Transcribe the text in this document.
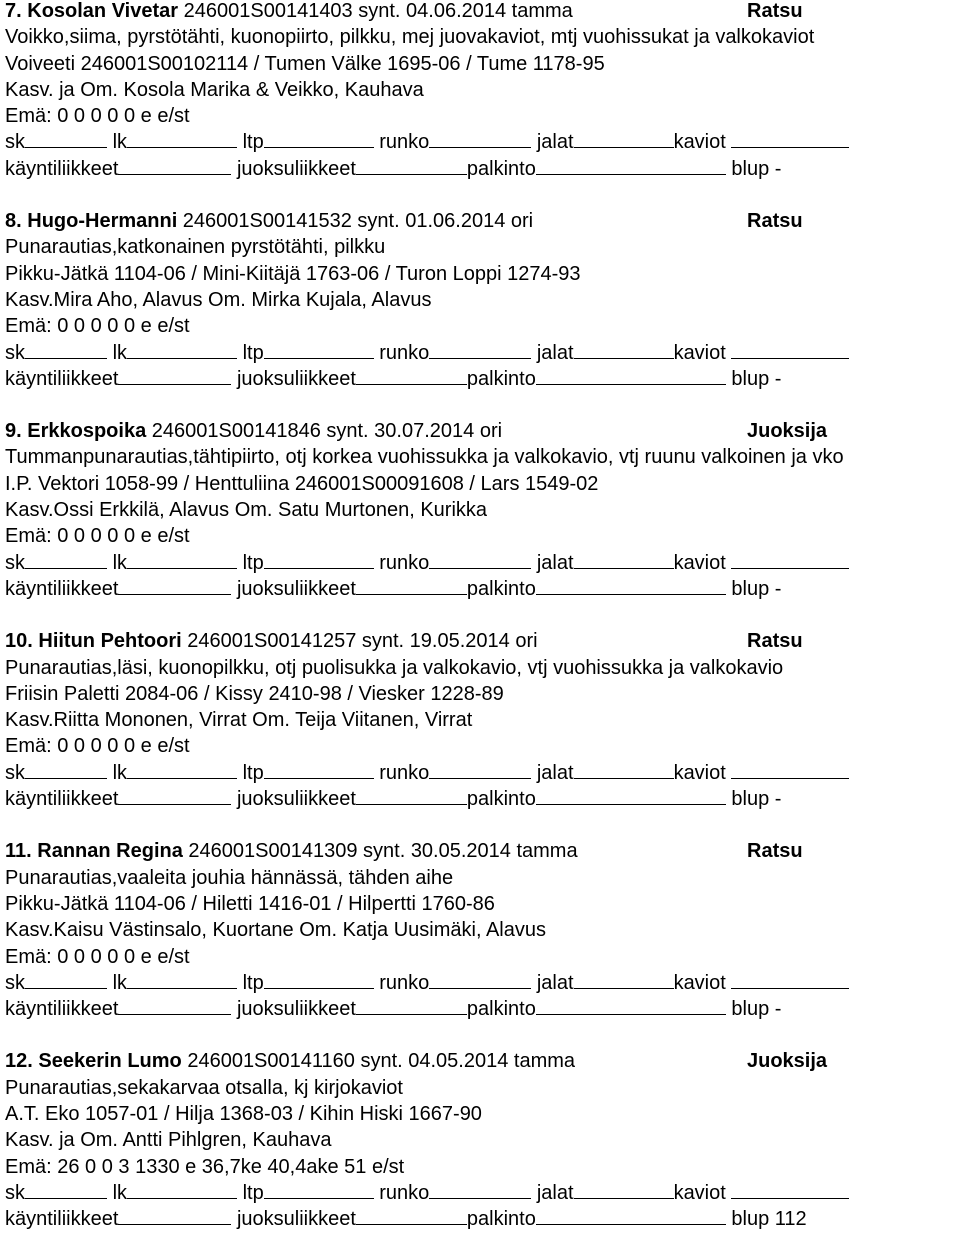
7. Kosolan Vivetar 246001S00141403 synt. 04.06.2014 tamma	Ratsu
Voikko,siima, pyrstötähti, kuonopiirto, pilkku, mej juovakaviot, mtj vuohissukat ja valkokaviot
Voiveeti 246001S00102114 / Tumen Välke 1695-06 / Tume 1178-95
Kasv. ja Om. Kosola Marika & Veikko, Kauhava
Emä: 0 0 0 0 0 e e/st
sk	lk	ltp	runko	jalat	kaviot
käyntiliikkeet	juoksuliikkeet	palkinto	blup -
8. Hugo-Hermanni 246001S00141532 synt. 01.06.2014 ori	Ratsu
Punarautias,katkonainen pyrstötähti, pilkku
Pikku-Jätkä 1104-06 / Mini-Kiitäjä 1763-06 / Turon Loppi 1274-93
Kasv.Mira Aho, Alavus Om. Mirka Kujala, Alavus
Emä: 0 0 0 0 0 e e/st
sk	lk	ltp	runko	jalat	kaviot
käyntiliikkeet	juoksuliikkeet	palkinto	blup -
9. Erkkospoika 246001S00141846 synt. 30.07.2014 ori	Juoksija
Tummanpunarautias,tähtipiirto, otj korkea vuohissukka ja valkokavio, vtj ruunu valkoinen ja vko
I.P. Vektori 1058-99 / Henttuliina 246001S00091608 / Lars 1549-02
Kasv.Ossi Erkkilä, Alavus Om. Satu Murtonen, Kurikka
Emä: 0 0 0 0 0 e e/st
sk	lk	ltp	runko	jalat	kaviot
käyntiliikkeet	juoksuliikkeet	palkinto	blup -
10. Hiitun Pehtoori 246001S00141257 synt. 19.05.2014 ori	Ratsu
Punarautias,läsi, kuonopilkku, otj puolisukka ja valkokavio, vtj vuohissukka ja valkokavio
Friisin Paletti 2084-06 / Kissy 2410-98 / Viesker 1228-89
Kasv.Riitta Mononen, Virrat Om. Teija Viitanen, Virrat
Emä: 0 0 0 0 0 e e/st
sk	lk	ltp	runko	jalat	kaviot
käyntiliikkeet	juoksuliikkeet	palkinto	blup -
11. Rannan Regina 246001S00141309 synt. 30.05.2014 tamma	Ratsu
Punarautias,vaaleita jouhia hännässä, tähden aihe
Pikku-Jätkä 1104-06 / Hiletti 1416-01 / Hilpertti 1760-86
Kasv.Kaisu Västinsalo, Kuortane Om. Katja Uusimäki, Alavus
Emä: 0 0 0 0 0 e e/st
sk	lk	ltp	runko	jalat	kaviot
käyntiliikkeet	juoksuliikkeet	palkinto	blup -
12. Seekerin Lumo 246001S00141160 synt. 04.05.2014 tamma	Juoksija
Punarautias,sekakarvaa otsalla, kj kirjokaviot
A.T. Eko 1057-01 / Hilja 1368-03 / Kihin Hiski 1667-90
Kasv. ja Om. Antti Pihlgren, Kauhava
Emä: 26 0 0 3 1330 e 36,7ke 40,4ake 51 e/st
sk	lk	ltp	runko	jalat	kaviot
käyntiliikkeet	juoksuliikkeet	palkinto	blup 112
